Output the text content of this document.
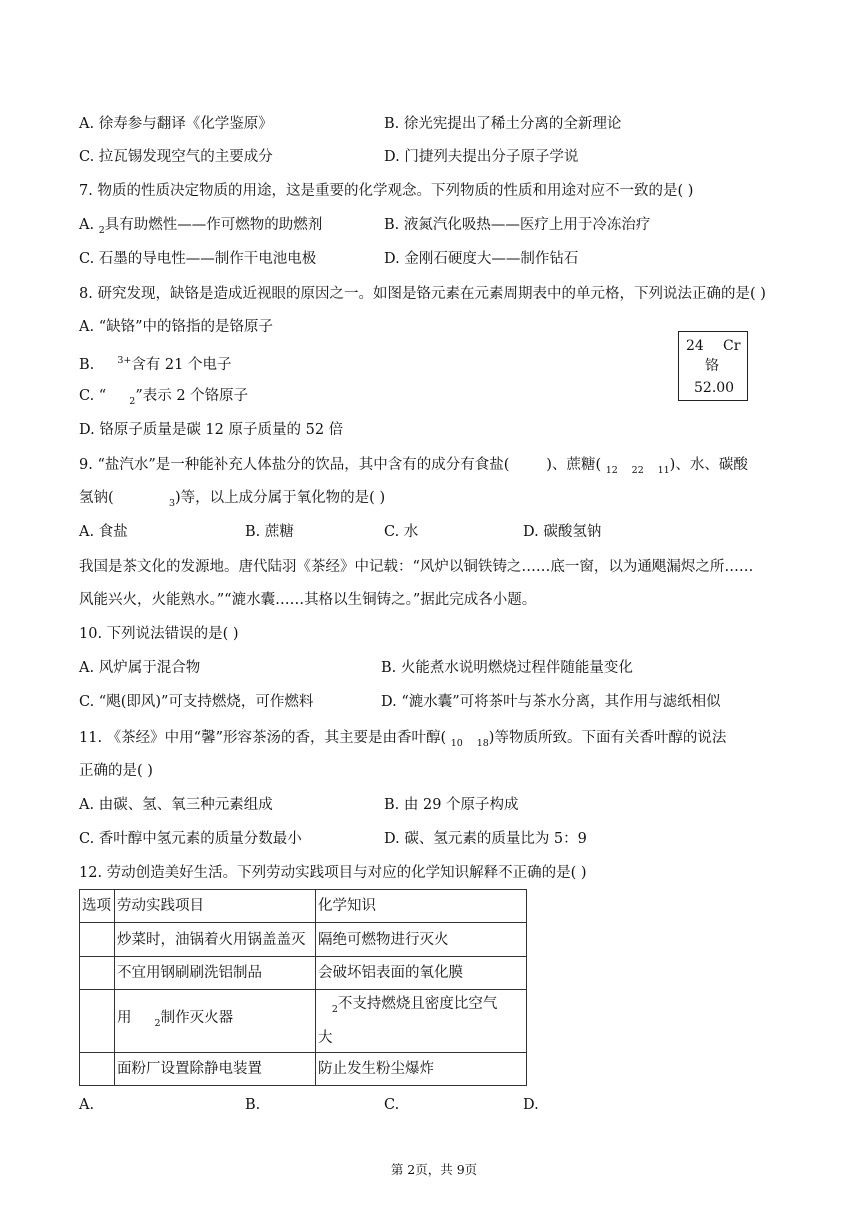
A. 徐寿参与翻译《化学鉴原》	B. 徐光宪提出了稀土分离的全新理论
C. 拉瓦锡发现空气的主要成分	D. 门捷列夫提出分子原子学说
7. 物质的性质决定物质的用途，这是重要的化学观念。下列物质的性质和用途对应不一致的是( )
A. $_2$具有助燃性——作可燃物的助燃剂	B. 液氮汽化吸热——医疗上用于冷冻治疗
C. 石墨的导电性——制作干电池电极	D. 金刚石硬度大——制作钻石
8. 研究发现，缺铬是造成近视眼的原因之一。如图是铬元素在元素周期表中的单元格，下列说法正确的是( )
A. “缺铬”中的铬指的是铬原子
B.     $^{3+}$含有 21 个电子
C. “     $_2$”表示 2 个铬原子
D. 铬原子质量是碳 12 原子质量的 52 倍
24 Cr
铬
52.00
9. “盐汽水”是一种能补充人体盐分的饮品，其中含有的成分有食盐(        )、蔗糖( $_{12}$ $_{22}$ $_{11}$)、水、碳酸
氢钠(            $_3$)等，以上成分属于氧化物的是( )
A. 食盐	B. 蔗糖	C. 水	D. 碳酸氢钠
我国是茶文化的发源地。唐代陆羽《茶经》中记载：“风炉以铜铁铸之……底一窗，以为通飓漏烬之所……
风能兴火，火能熟水。”“漉水囊……其格以生铜铸之。”据此完成各小题。
10. 下列说法错误的是( )
A. 风炉属于混合物	B. 火能煮水说明燃烧过程伴随能量变化
C. “飓(即风)”可支持燃烧，可作燃料	D. “漉水囊”可将茶叶与茶水分离，其作用与滤纸相似
11. 《茶经》中用“馨”形容茶汤的香，其主要是由香叶醇( $_{10}$ $_{18}$)等物质所致。下面有关香叶醇的说法
正确的是( )
A. 由碳、氢、氧三种元素组成	B. 由 29 个原子构成
C. 香叶醇中氢元素的质量分数最小	D. 碳、氢元素的质量比为 5：9
12. 劳动创造美好生活。下列劳动实践项目与对应的化学知识解释不正确的是( )
选项	劳动实践项目	化学知识
	炒菜时，油锅着火用锅盖盖灭	隔绝可燃物进行灭火
	不宜用钢刷刷洗铝制品	会破坏铝表面的氧化膜
	用     $_2$制作灭火器	$_2$不支持燃烧且密度比空气
大
	面粉厂设置除静电装置	防止发生粉尘爆炸
A.	B.	C.	D.
第 2页，共 9页
